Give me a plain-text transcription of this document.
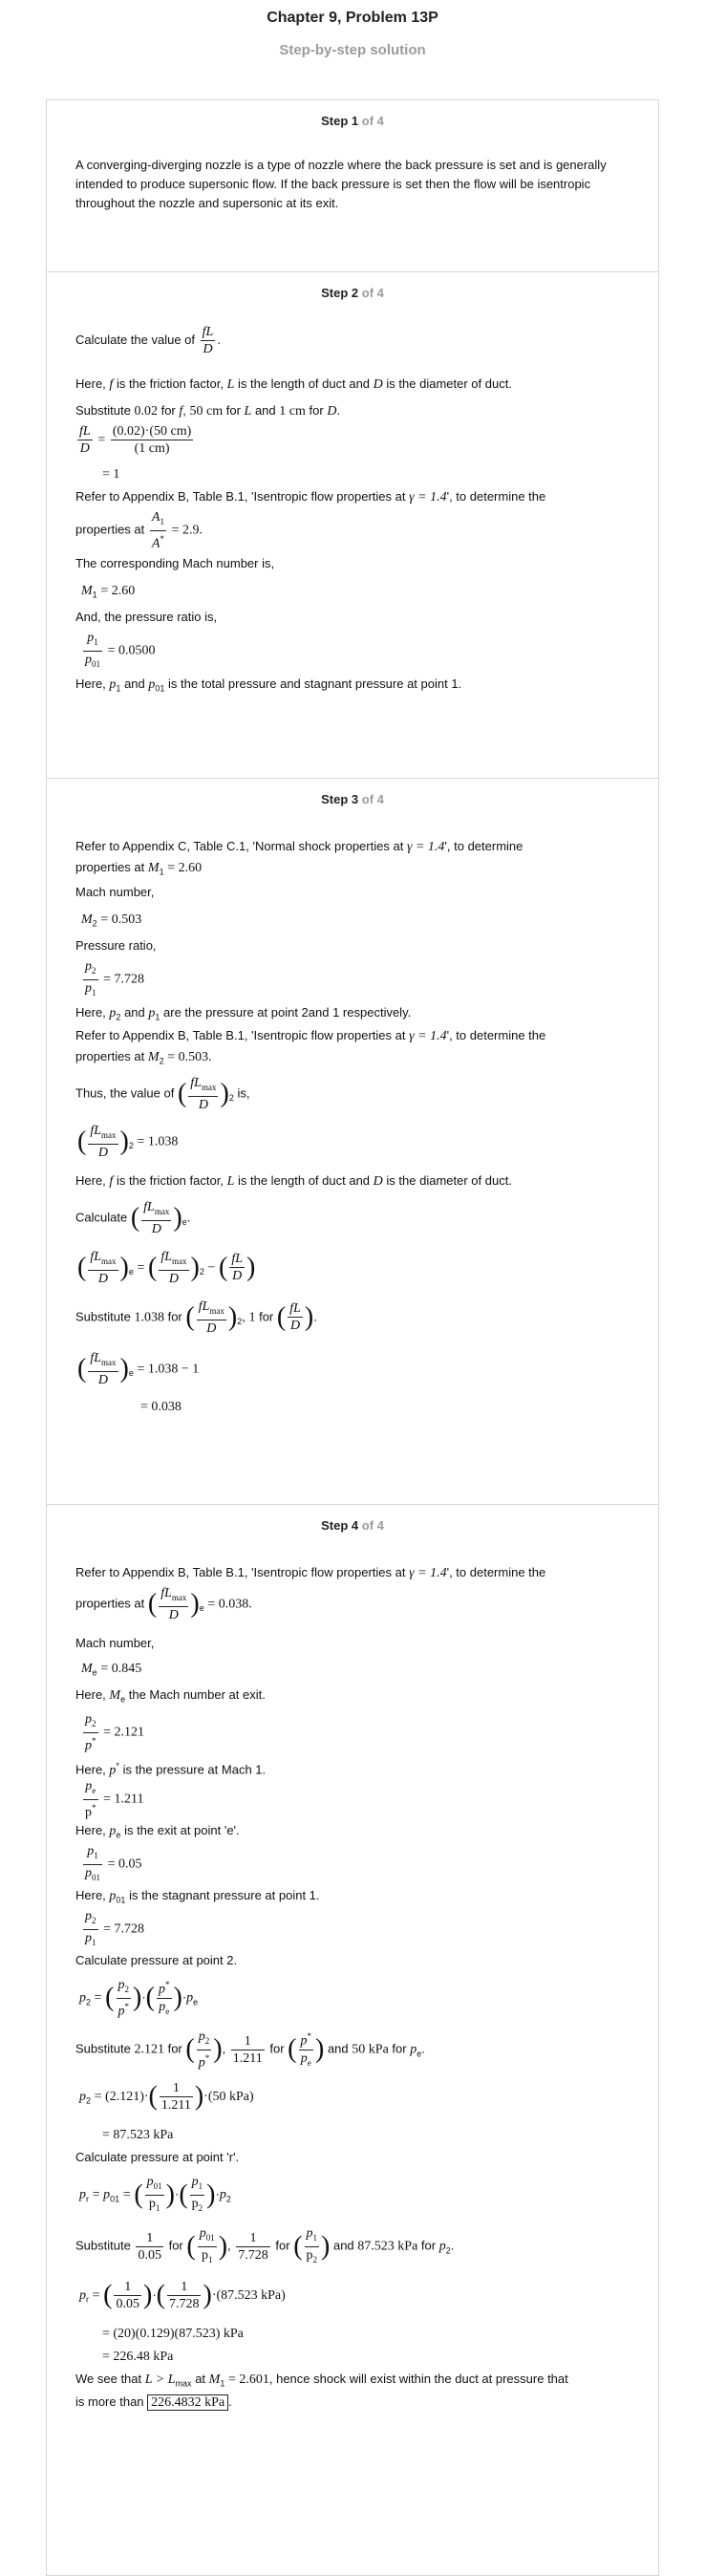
Chapter 9, Problem 13P
Step-by-step solution
Step 1 of 4
A converging-diverging nozzle is a type of nozzle where the back pressure is set and is generally intended to produce supersonic flow. If the back pressure is set then the flow will be isentropic throughout the nozzle and supersonic at its exit.
Step 2 of 4
Calculate the value of $\frac{fL}{D}$ .
Here, f is the friction factor, L is the length of duct and D is the diameter of duct.
Substitute 0.02 for f, 50 cm for L and 1 cm for D.
$\frac{fL}{D} = \frac{(0.02)\cdot(50 cm)}{(1 cm)}$
= 1
Refer to Appendix B, Table B.1, 'Isentropic flow properties at γ = 1.4', to determine the
properties at $\frac{A_1}{A^*} = 2.9$.
The corresponding Mach number is,
$M_1 = 2.60$
And, the pressure ratio is,
$\frac{p_1}{p_{01}} = 0.0500$
Here, $p_1$ and $p_{01}$ is the total pressure and stagnant pressure at point 1.
Step 3 of 4
Refer to Appendix C, Table C.1, 'Normal shock properties at γ = 1.4', to determine
properties at $M_1 = 2.60$
Mach number,
$M_2 = 0.503$
Pressure ratio,
$\frac{p_2}{p_1} = 7.728$
Here, $p_2$ and $p_1$ are the pressure at point 2and 1 respectively.
Refer to Appendix B, Table B.1, 'Isentropic flow properties at γ = 1.4', to determine the
properties at $M_2 = 0.503$.
Thus, the value of ( $\frac{fL_{max}}{D} )_2$ is,
( $\frac{fL_{max}}{D} )_2 = 1.038$
Here, f is the friction factor, L is the length of duct and D is the diameter of duct.
Calculate ( $\frac{fL_{max}}{D} )_e$.
( $\frac{fL_{max}}{D} )_e$ = ( $\frac{fL_{max}}{D} )_2$ − ( $\frac{fL}{D}$ )
Substitute 1.038 for ( $\frac{fL_{max}}{D} )_2$, 1 for ( $\frac{fL}{D}$ ).
( $\frac{fL_{max}}{D} )_e = 1.038 - 1$
= 0.038
Step 4 of 4
Refer to Appendix B, Table B.1, 'Isentropic flow properties at γ = 1.4', to determine the
properties at ( $\frac{fL_{max}}{D} )_e = 0.038$.
Mach number,
$M_e = 0.845$
Here, $M_e$ the Mach number at exit.
$\frac{p_2}{p^*} = 2.121$
Here, p* is the pressure at Mach 1.
$\frac{p_e}{p^*} = 1.211$
Here, $p_e$ is the exit at point 'e'.
$\frac{p_1}{p_{01}} = 0.05$
Here, $p_{01}$ is the stagnant pressure at point 1.
$\frac{p_2}{p_1} = 7.728$
Calculate pressure at point 2.
$p_2$ = ( $\frac{p_2}{p^*}$ )·( $\frac{p^*}{p_e} )\cdot p_e$
Substitute 2.121 for ( $\frac{p_2}{p^*}$ ), $\frac{1}{1.211}$ for ( $\frac{p^*}{p_e}$ ) and 50 kPa for $p_e$.
$p_2 = (2.121)\cdot( \frac{1}{1.211} )\cdot(50$ kPa)
= 87.523 kPa
Calculate pressure at point 'r'.
$p_r = p_{01}$ = ( $\frac{p_{01}}{p_1}$ )·( $\frac{p_1}{p_2} )\cdot p_2$
Substitute $\frac{1}{0.05}$ for ( $\frac{p_{01}}{p_1}$ ), $\frac{1}{7.728}$ for ( $\frac{p_1}{p_2}$ ) and 87.523 kPa for $p_2$.
$p_r$ = ( $\frac{1}{0.05}$ )·( $\frac{1}{7.728} )\cdot(87.523$ kPa)
= (20)(0.129)(87.523) kPa
= 226.48 kPa
We see that $L > L_{max}$ at $M_1 = 2.601$, hence shock will exist within the duct at pressure that
is more than 226.4832 kPa .
